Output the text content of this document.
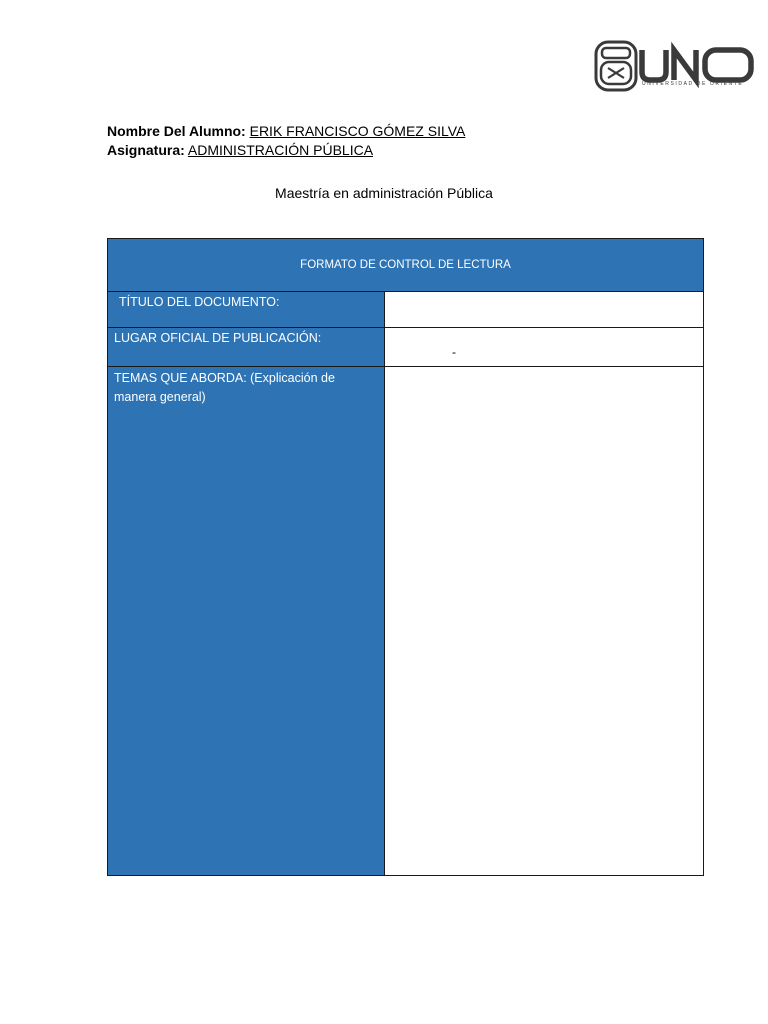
UNIVERSIDAD DE ORIENTE
Nombre Del Alumno: ERIK FRANCISCO GÓMEZ SILVA
Asignatura: ADMINISTRACIÓN PÚBLICA
Maestría en administración Pública
FORMATO DE CONTROL DE LECTURA
TÍTULO DEL DOCUMENTO:
LUGAR OFICIAL DE PUBLICACIÓN:
-
TEMAS QUE ABORDA: (Explicación de manera general)
